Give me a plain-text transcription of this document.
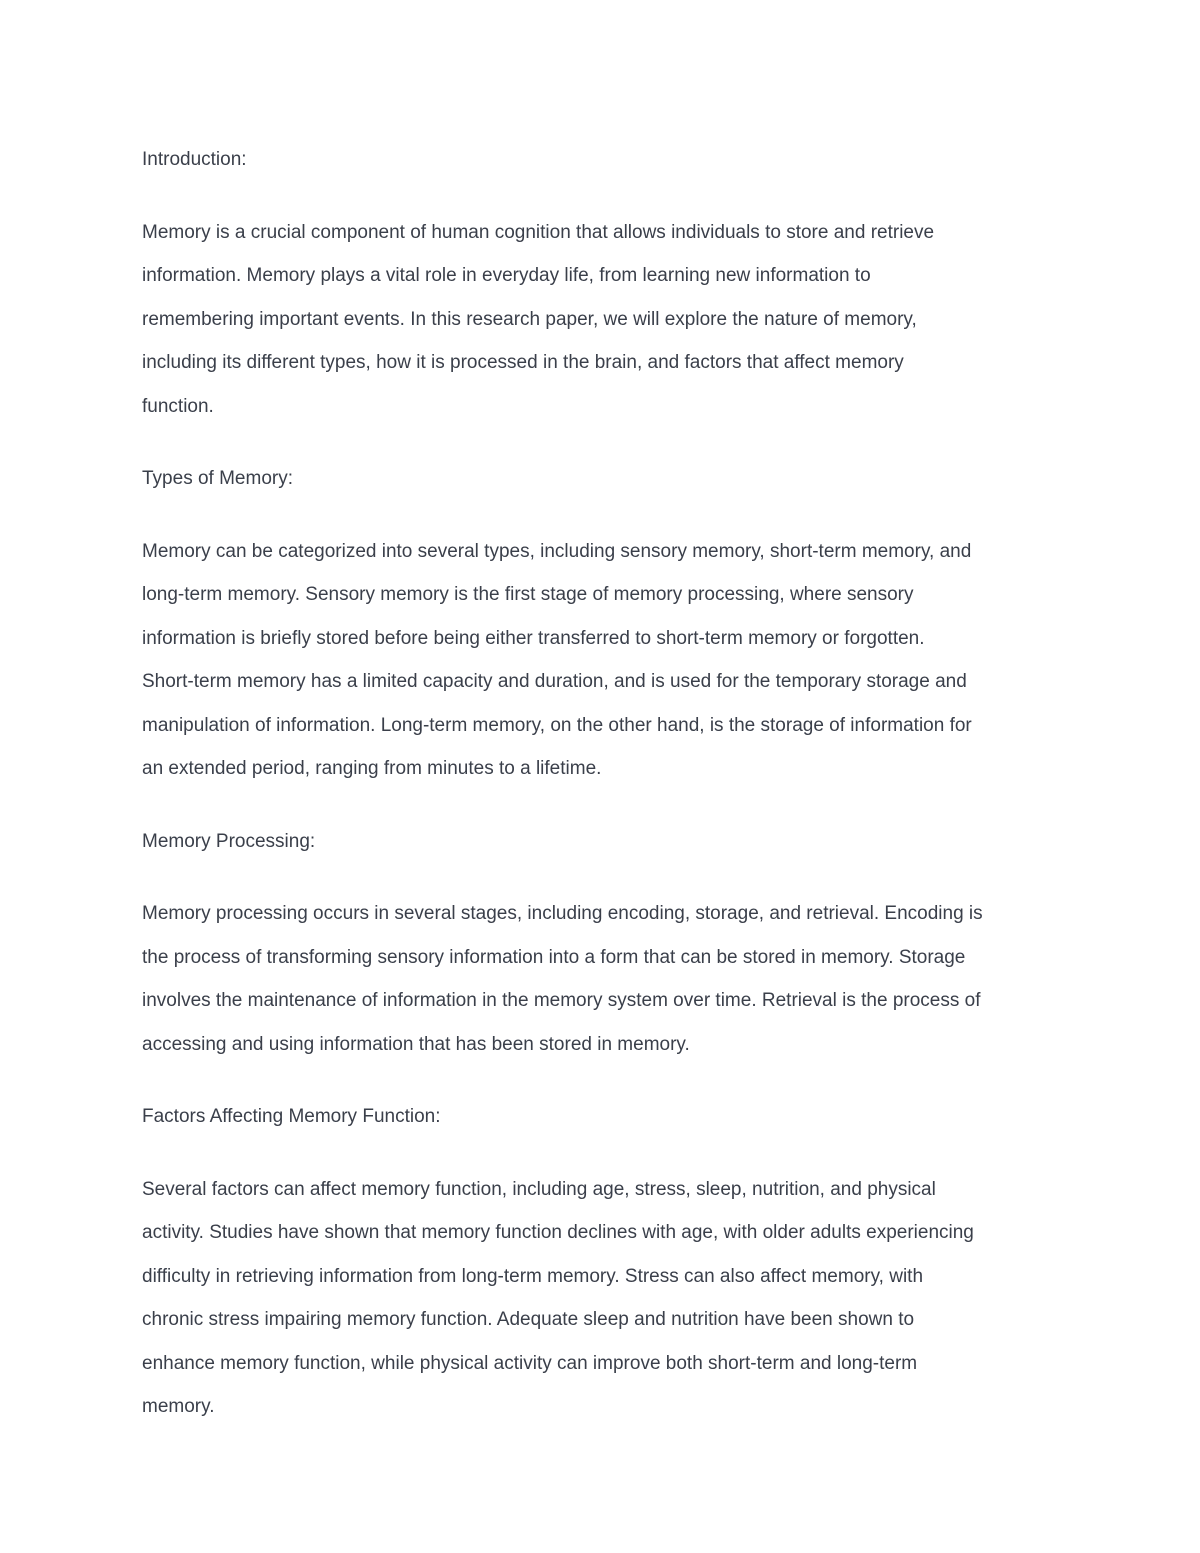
Introduction:
Memory is a crucial component of human cognition that allows individuals to store and retrieve
information. Memory plays a vital role in everyday life, from learning new information to
remembering important events. In this research paper, we will explore the nature of memory,
including its different types, how it is processed in the brain, and factors that affect memory
function.
Types of Memory:
Memory can be categorized into several types, including sensory memory, short-term memory, and
long-term memory. Sensory memory is the first stage of memory processing, where sensory
information is briefly stored before being either transferred to short-term memory or forgotten.
Short-term memory has a limited capacity and duration, and is used for the temporary storage and
manipulation of information. Long-term memory, on the other hand, is the storage of information for
an extended period, ranging from minutes to a lifetime.
Memory Processing:
Memory processing occurs in several stages, including encoding, storage, and retrieval. Encoding is
the process of transforming sensory information into a form that can be stored in memory. Storage
involves the maintenance of information in the memory system over time. Retrieval is the process of
accessing and using information that has been stored in memory.
Factors Affecting Memory Function:
Several factors can affect memory function, including age, stress, sleep, nutrition, and physical
activity. Studies have shown that memory function declines with age, with older adults experiencing
difficulty in retrieving information from long-term memory. Stress can also affect memory, with
chronic stress impairing memory function. Adequate sleep and nutrition have been shown to
enhance memory function, while physical activity can improve both short-term and long-term
memory.
